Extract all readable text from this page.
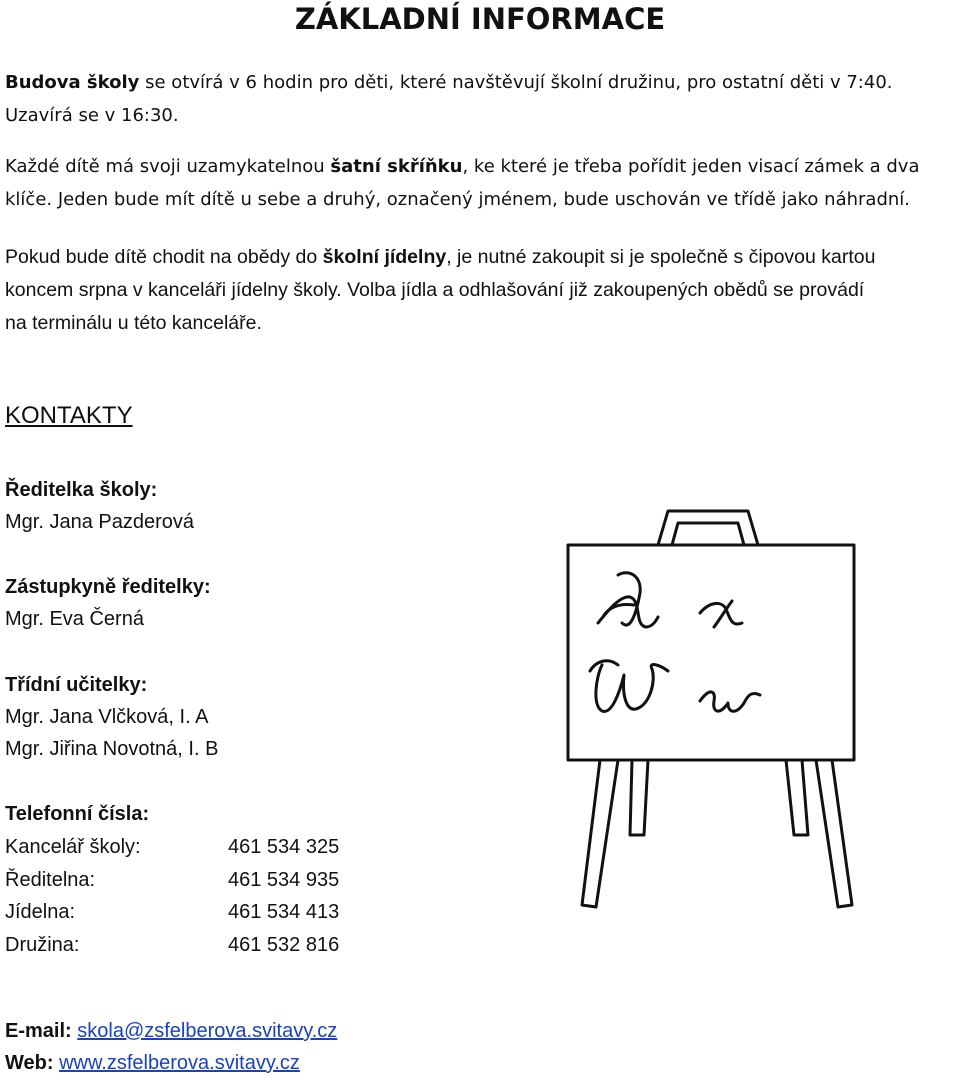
ZÁKLADNÍ INFORMACE
Budova školy se otvírá v 6 hodin pro děti, které navštěvují školní družinu, pro ostatní děti v 7:40.
Uzavírá se v 16:30.
Každé dítě má svoji uzamykatelnou šatní skříňku, ke které je třeba pořídit jeden visací zámek a dva
klíče. Jeden bude mít dítě u sebe a druhý, označený jménem, bude uschován ve třídě jako náhradní.
Pokud bude dítě chodit na obědy do školní jídelny, je nutné zakoupit si je společně s čipovou kartou
koncem srpna v kanceláři jídelny školy. Volba jídla a odhlašování již zakoupených obědů se provádí
na terminálu u této kanceláře.
KONTAKTY
Ředitelka školy:
Mgr. Jana Pazderová
Zástupkyně ředitelky:
Mgr. Eva Černá
Třídní učitelky:
Mgr. Jana Vlčková, I. A
Mgr. Jiřina Novotná, I. B
Telefonní čísla:
Kancelář školy:	461 534 325
Ředitelna:	461 534 935
Jídelna:	461 534 413
Družina:	461 532 816
E-mail: skola@zsfelberova.svitavy.cz
Web: www.zsfelberova.svitavy.cz
